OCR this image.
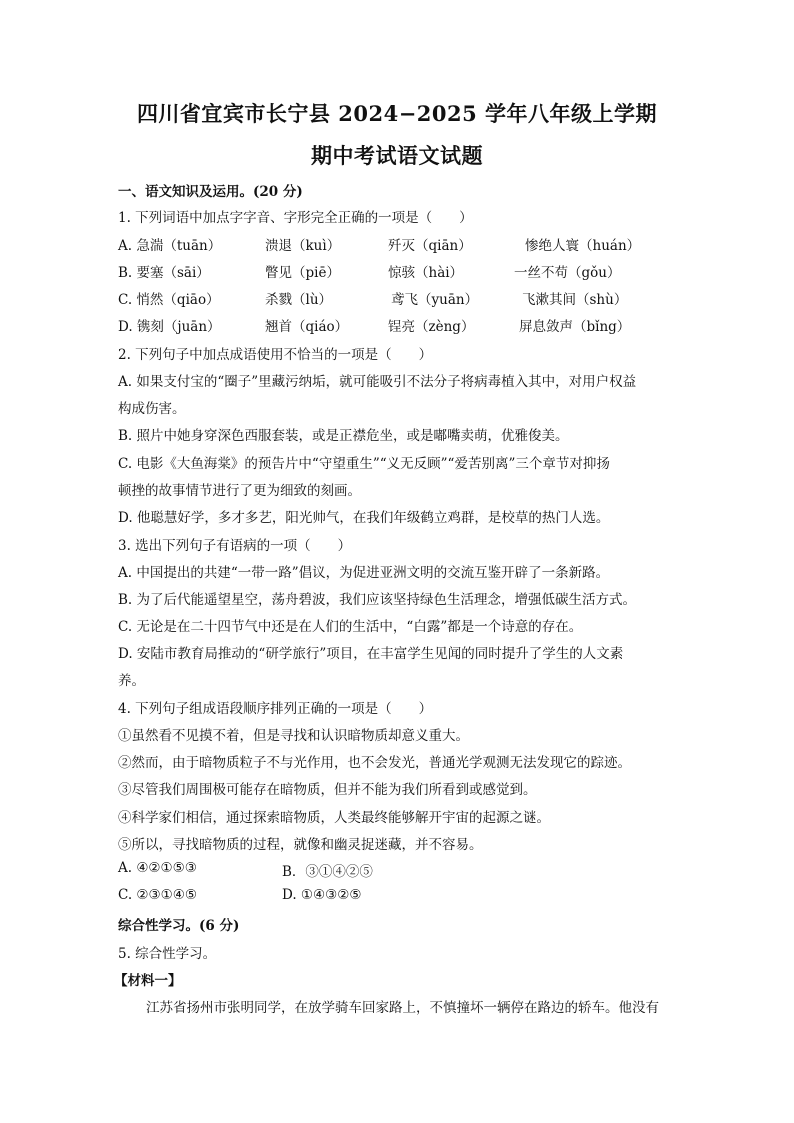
四川省宜宾市长宁县 2024−2025 学年八年级上学期
期中考试语文试题
一、语文知识及运用。(20 分)
1. 下列词语中加点字字音、字形完全正确的一项是（　　）
A. 急湍（tuān）	溃退（kuì）	歼灭（qiān）	惨绝人寰（huán）
B. 要塞（sāi）	瞥见（piē）	惊骇（hài）	一丝不苟（gǒu）
C. 悄然（qiāo）	杀戮（lù）	鸢飞（yuān）	飞漱其间（shù）
D. 镌刻（juān）	翘首（qiáo）	锃亮（zèng）	屏息敛声（bǐng）
2. 下列句子中加点成语使用不恰当的一项是（　　）
A. 如果支付宝的“圈子”里藏污纳垢，就可能吸引不法分子将病毒植入其中，对用户权益
构成伤害。
B. 照片中她身穿深色西服套装，或是正襟危坐，或是嘟嘴卖萌，优雅俊美。
C. 电影《大鱼海棠》的预告片中“守望重生”“义无反顾”“爱苦别离”三个章节对抑扬
顿挫的故事情节进行了更为细致的刻画。
D. 他聪慧好学，多才多艺，阳光帅气，在我们年级鹤立鸡群，是校草的热门人选。
3. 选出下列句子有语病的一项（　　）
A. 中国提出的共建“一带一路”倡议，为促进亚洲文明的交流互鉴开辟了一条新路。
B. 为了后代能遥望星空，荡舟碧波，我们应该坚持绿色生活理念，增强低碳生活方式。
C. 无论是在二十四节气中还是在人们的生活中，“白露”都是一个诗意的存在。
D. 安陆市教育局推动的“研学旅行”项目，在丰富学生见闻的同时提升了学生的人文素
养。
4. 下列句子组成语段顺序排列正确的一项是（　　）
①虽然看不见摸不着，但是寻找和认识暗物质却意义重大。
②然而，由于暗物质粒子不与光作用，也不会发光，普通光学观测无法发现它的踪迹。
③尽管我们周围极可能存在暗物质，但并不能为我们所看到或感觉到。
④科学家们相信，通过探索暗物质，人类最终能够解开宇宙的起源之谜。
⑤所以，寻找暗物质的过程，就像和幽灵捉迷藏，并不容易。
A. ④②①⑤③	B．③①④②⑤
C. ②③①④⑤	D. ①④③②⑤
综合性学习。(6 分)
5. 综合性学习。
【材料一】
江苏省扬州市张明同学，在放学骑车回家路上，不慎撞坏一辆停在路边的轿车。他没有
